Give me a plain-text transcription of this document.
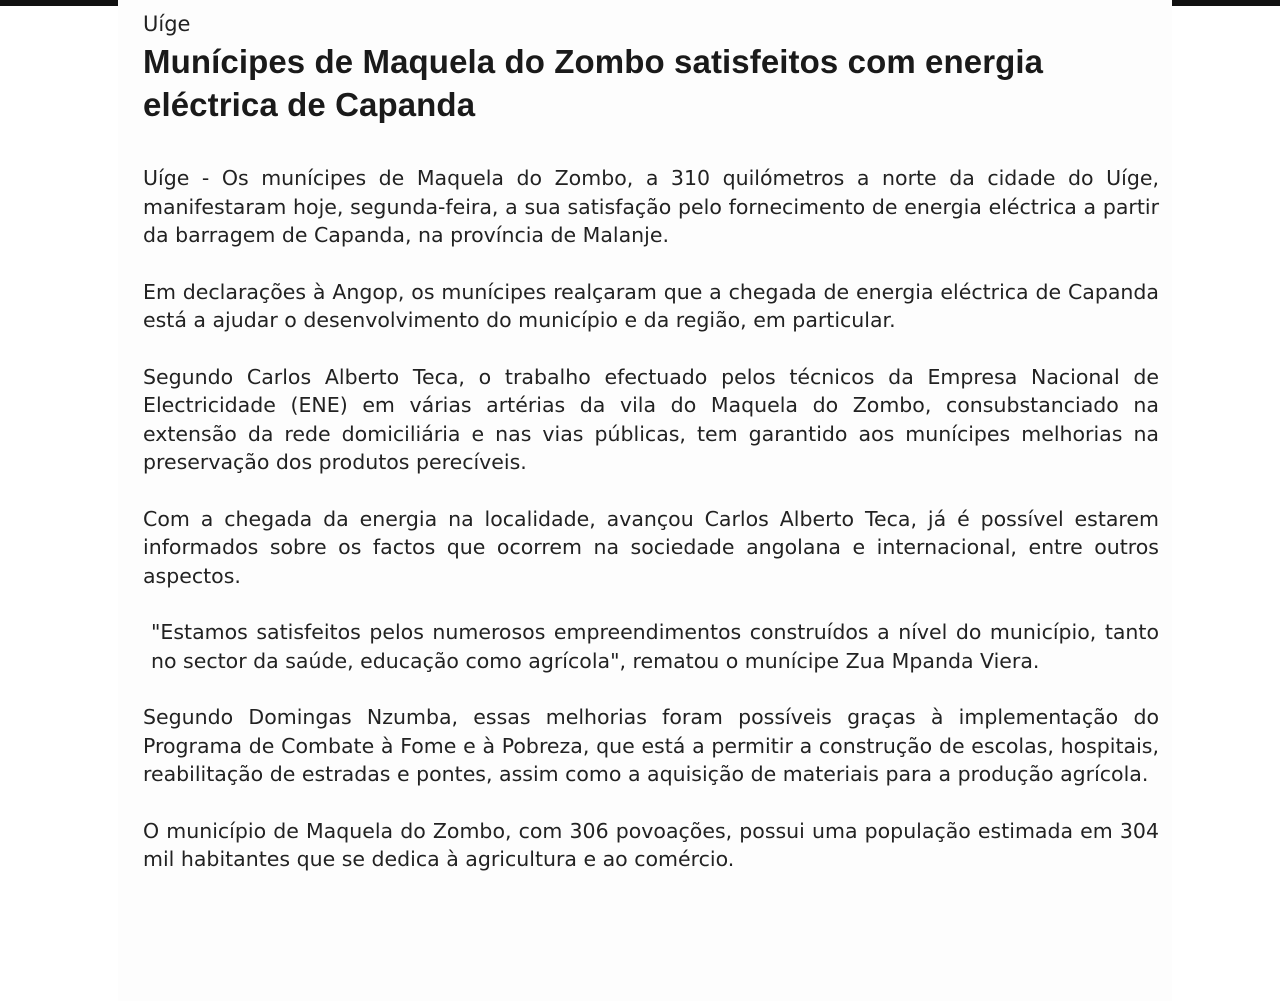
Uíge
Munícipes de Maquela do Zombo satisfeitos com energia eléctrica de Capanda

Uíge - Os munícipes de Maquela do Zombo, a 310 quilómetros a norte da cidade do Uíge, manifestaram hoje, segunda-feira, a sua satisfação pelo fornecimento de energia eléctrica a partir da barragem de Capanda, na província de Malanje.

Em declarações à Angop, os munícipes realçaram que a chegada de energia eléctrica de Capanda está a ajudar o desenvolvimento do município e da região, em particular.

Segundo Carlos Alberto Teca, o trabalho efectuado pelos técnicos da Empresa Nacional de Electricidade (ENE) em várias artérias da vila do Maquela do Zombo, consubstanciado na extensão da rede domiciliária e nas vias públicas, tem garantido aos munícipes melhorias na preservação dos produtos perecíveis.

Com a chegada da energia na localidade, avançou Carlos Alberto Teca, já é possível estarem informados sobre os factos que ocorrem na sociedade angolana e internacional, entre outros aspectos.

"Estamos satisfeitos pelos numerosos empreendimentos construídos a nível do município, tanto no sector da saúde, educação como agrícola", rematou o munícipe Zua Mpanda Viera.

Segundo Domingas Nzumba, essas melhorias foram possíveis graças à implementação do Programa de Combate à Fome e à Pobreza, que está a permitir a construção de escolas, hospitais, reabilitação de estradas e pontes, assim como a aquisição de materiais para a produção agrícola.

O município de Maquela do Zombo, com 306 povoações, possui uma população estimada em 304 mil habitantes que se dedica à agricultura e ao comércio.
